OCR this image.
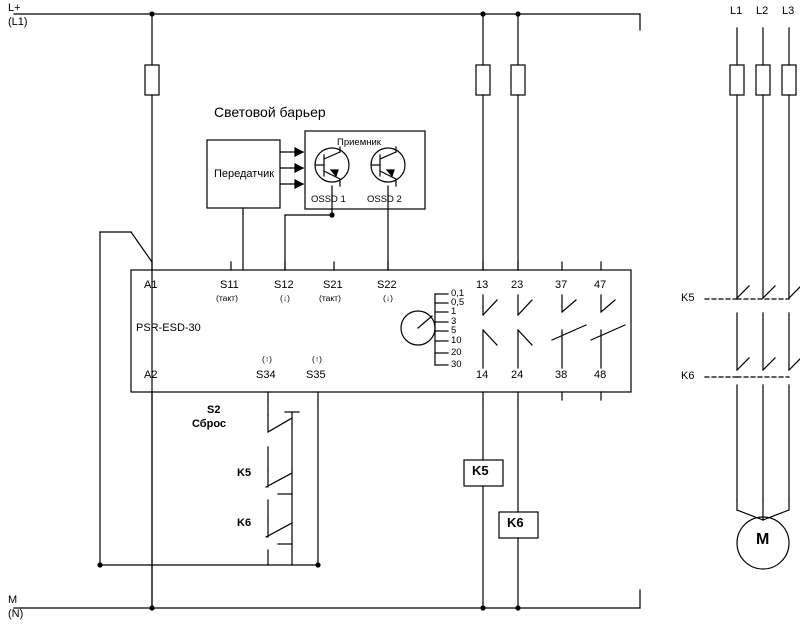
L+
(L1)
M
(N)
Световой барьер
Передатчик
Приемник
OSSD 1 OSSD 2
PSR-ESD-30
A1	S11
(такт)
S12
(↓)
S21
(такт)
S22
(↓)
13 23	37 47
A2	S34
(↑)
S35
(↑)
14 24	38 48
0,1
0,5
1
3
5
10
20
30
S2
Сброс
K5
K6
K5
K6
L1 L2 L3
K5
K6
M
